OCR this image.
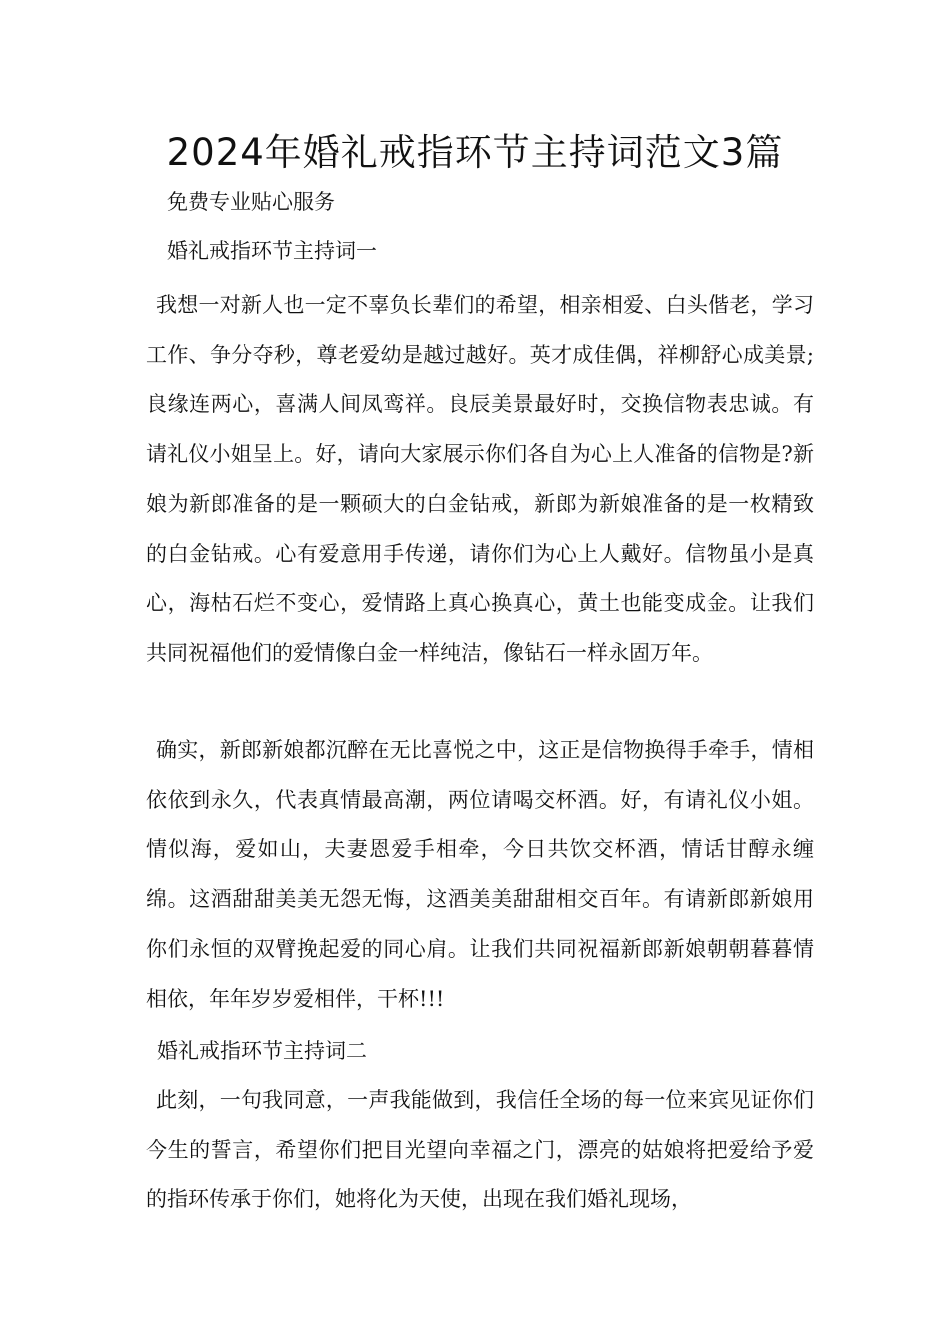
2024年婚礼戒指环节主持词范文3篇

免费专业贴心服务

婚礼戒指环节主持词一

我想一对新人也一定不辜负长辈们的希望，相亲相爱、白头偕老，学习工作、争分夺秒，尊老爱幼是越过越好。英才成佳偶，祥柳舒心成美景;良缘连两心，喜满人间凤鸾祥。良辰美景最好时，交换信物表忠诚。有请礼仪小姐呈上。好，请向大家展示你们各自为心上人准备的信物是?新娘为新郎准备的是一颗硕大的白金钻戒，新郎为新娘准备的是一枚精致的白金钻戒。心有爱意用手传递，请你们为心上人戴好。信物虽小是真心，海枯石烂不变心，爱情路上真心换真心，黄土也能变成金。让我们共同祝福他们的爱情像白金一样纯洁，像钻石一样永固万年。

确实，新郎新娘都沉醉在无比喜悦之中，这正是信物换得手牵手，情相依依到永久，代表真情最高潮，两位请喝交杯酒。好，有请礼仪小姐。情似海，爱如山，夫妻恩爱手相牵，今日共饮交杯酒，情话甘醇永缠绵。这酒甜甜美美无怨无悔，这酒美美甜甜相交百年。有请新郎新娘用你们永恒的双臂挽起爱的同心肩。让我们共同祝福新郎新娘朝朝暮暮情相依，年年岁岁爱相伴，干杯!!!

婚礼戒指环节主持词二

此刻，一句我同意，一声我能做到，我信任全场的每一位来宾见证你们今生的誓言，希望你们把目光望向幸福之门，漂亮的姑娘将把爱给予爱的指环传承于你们，她将化为天使，出现在我们婚礼现场，
